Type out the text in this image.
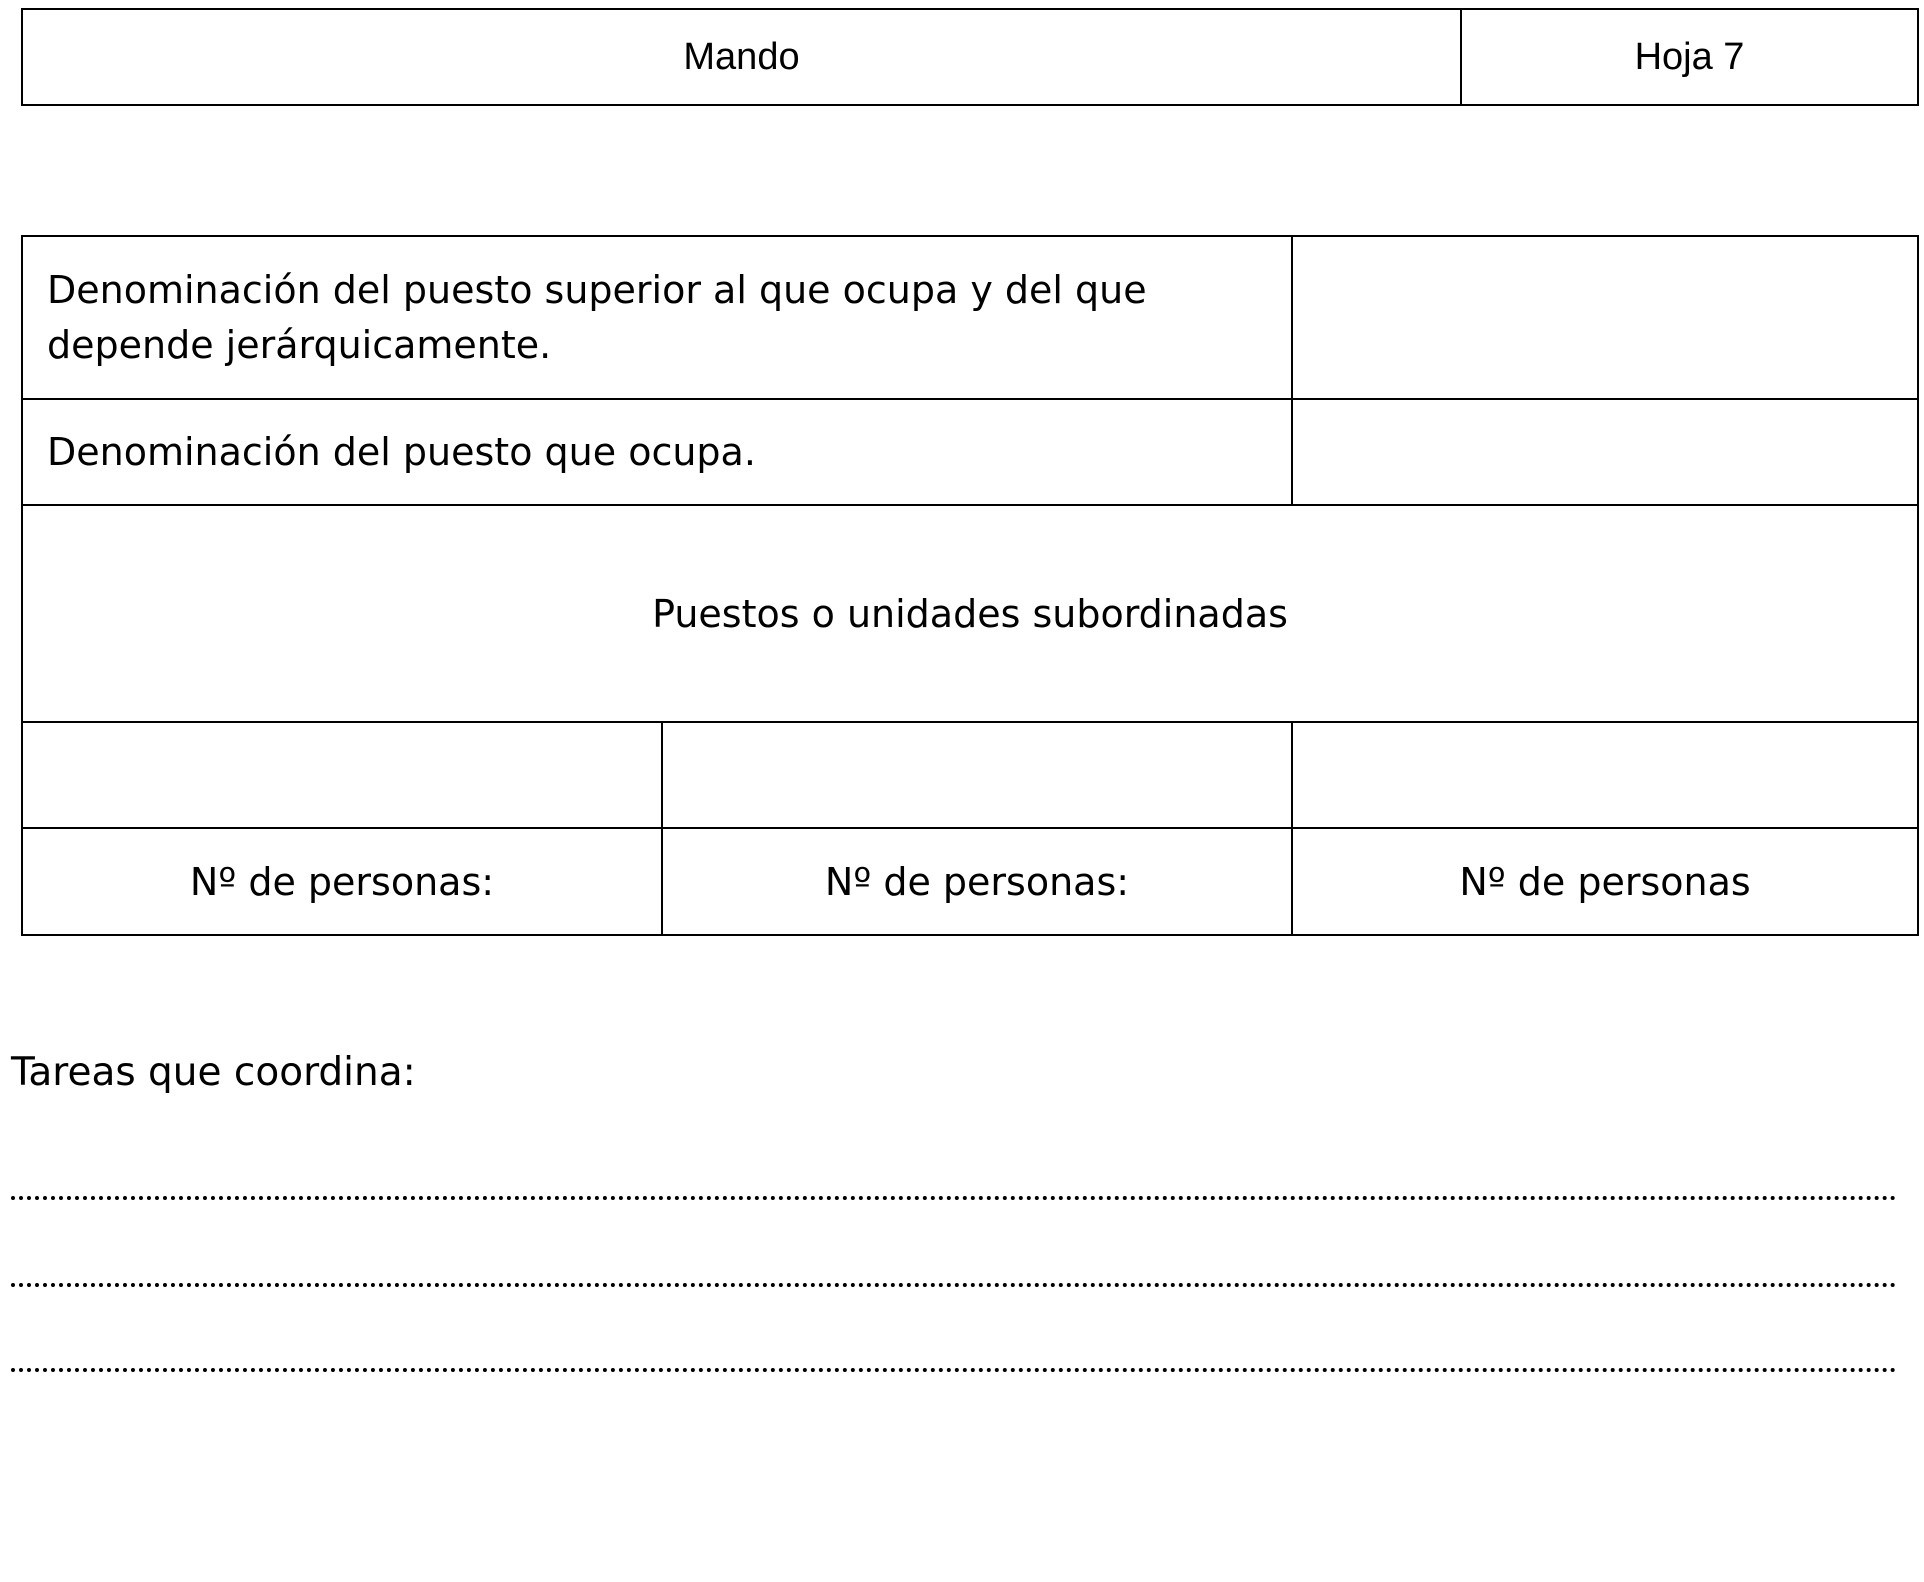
Mando	Hoja 7
Denominación del puesto superior al que ocupa y del que depende jerárquicamente.
Denominación del puesto que ocupa.
Puestos o unidades subordinadas
Nº de personas:	Nº de personas:	Nº de personas
Tareas que coordina:
